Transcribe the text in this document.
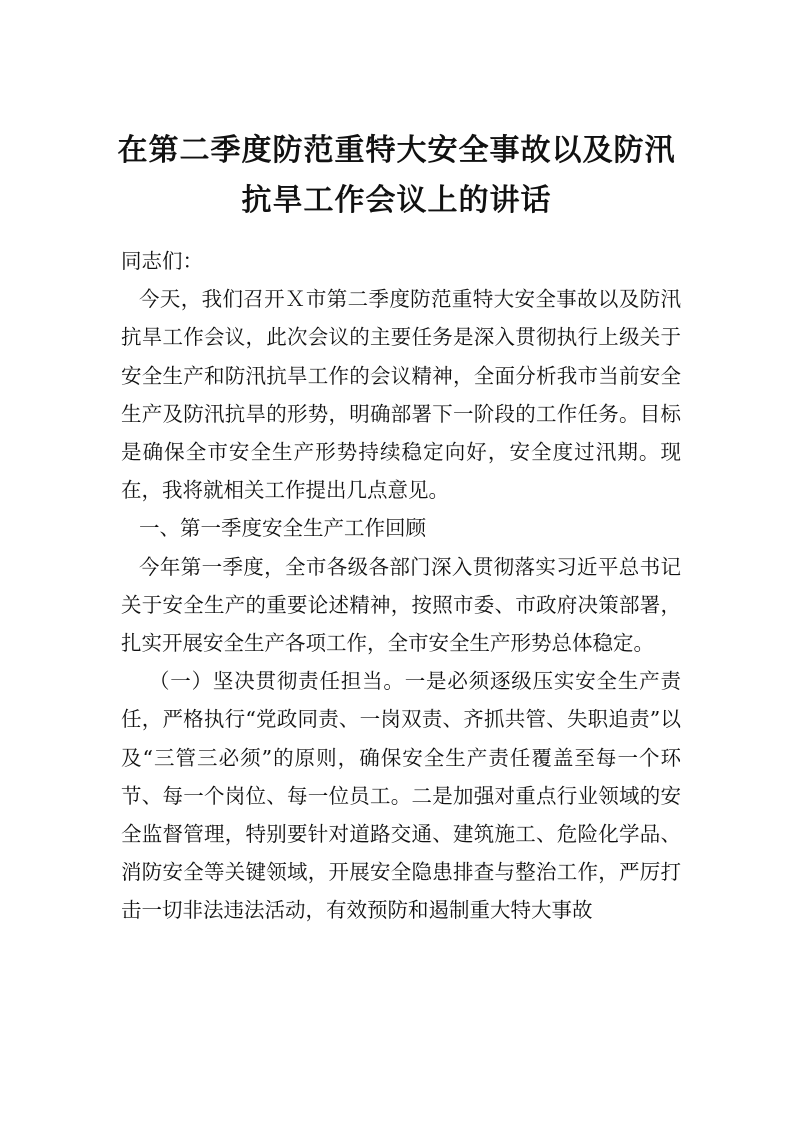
在第二季度防范重特大安全事故以及防汛
抗旱工作会议上的讲话

同志们：

今天，我们召开Ｘ市第二季度防范重特大安全事故以及防汛抗旱工作会议，此次会议的主要任务是深入贯彻执行上级关于安全生产和防汛抗旱工作的会议精神，全面分析我市当前安全生产及防汛抗旱的形势，明确部署下一阶段的工作任务。目标是确保全市安全生产形势持续稳定向好，安全度过汛期。现在，我将就相关工作提出几点意见。

一、第一季度安全生产工作回顾

今年第一季度，全市各级各部门深入贯彻落实习近平总书记关于安全生产的重要论述精神，按照市委、市政府决策部署，扎实开展安全生产各项工作，全市安全生产形势总体稳定。

（一）坚决贯彻责任担当。一是必须逐级压实安全生产责任，严格执行“党政同责、一岗双责、齐抓共管、失职追责”以及“三管三必须”的原则，确保安全生产责任覆盖至每一个环节、每一个岗位、每一位员工。二是加强对重点行业领域的安全监督管理，特别要针对道路交通、建筑施工、危险化学品、消防安全等关键领域，开展安全隐患排查与整治工作，严厉打击一切非法违法活动，有效预防和遏制重大特大事故
